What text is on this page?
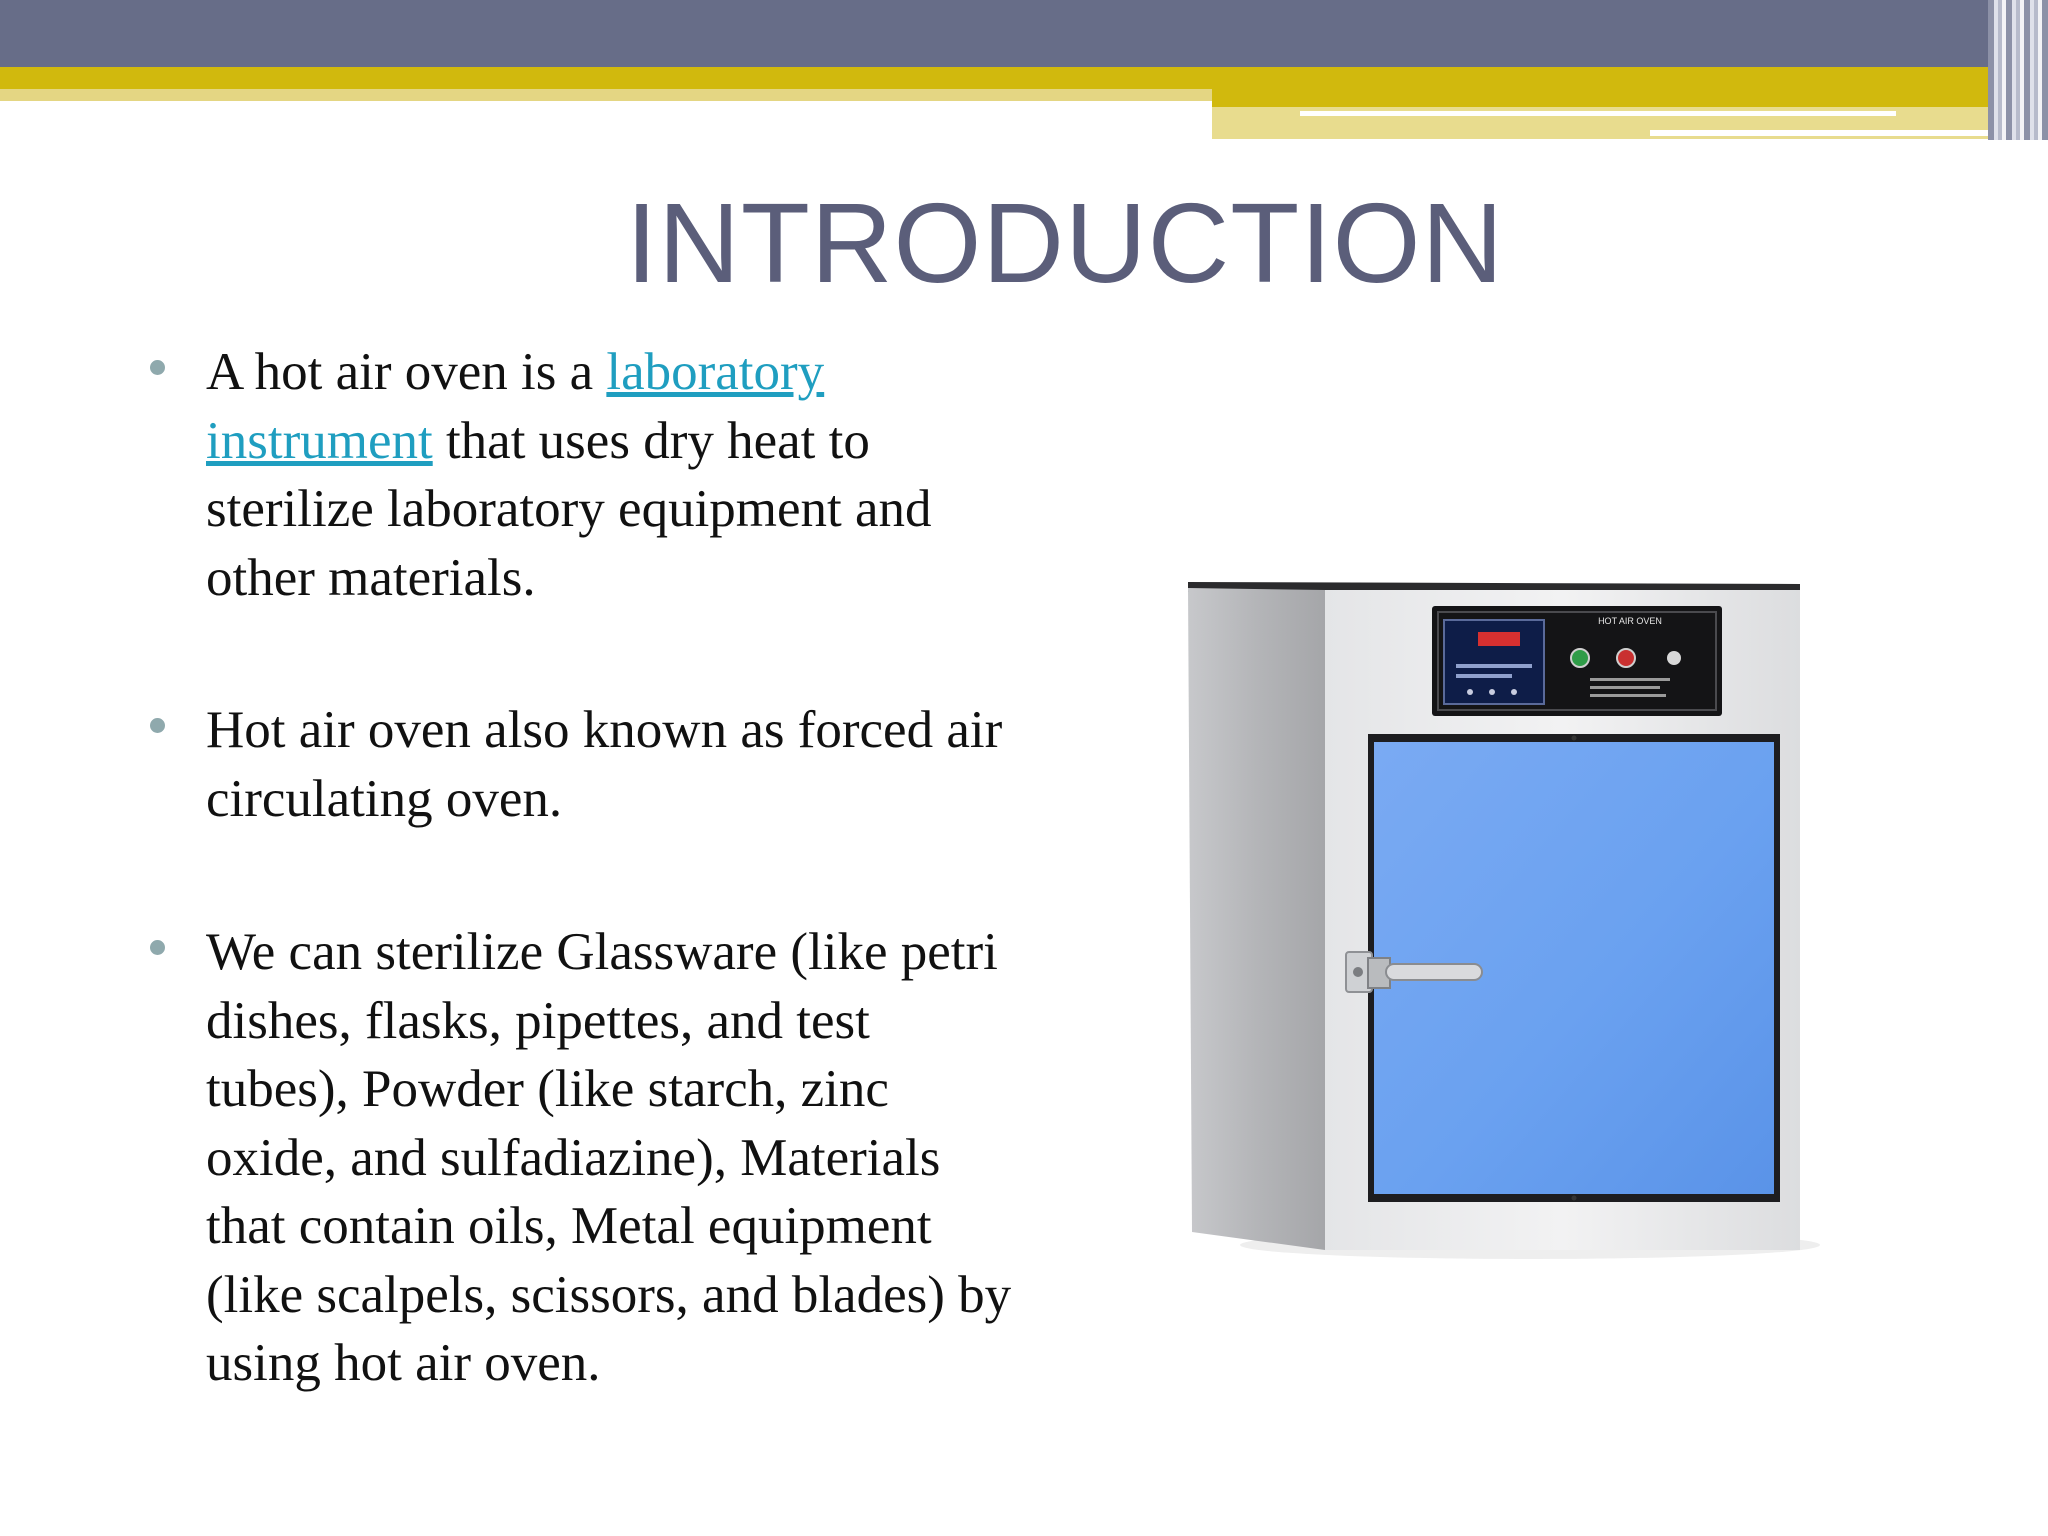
INTRODUCTION
A hot air oven is a laboratory
instrument that uses dry heat to sterilize laboratory equipment and other materials.
Hot air oven also known as forced air circulating oven.
We can sterilize Glassware (like petri dishes, flasks, pipettes, and test tubes), Powder (like starch, zinc oxide, and sulfadiazine), Materials that contain oils, Metal equipment (like scalpels, scissors, and blades) by using hot air oven.
HOT AIR OVEN
